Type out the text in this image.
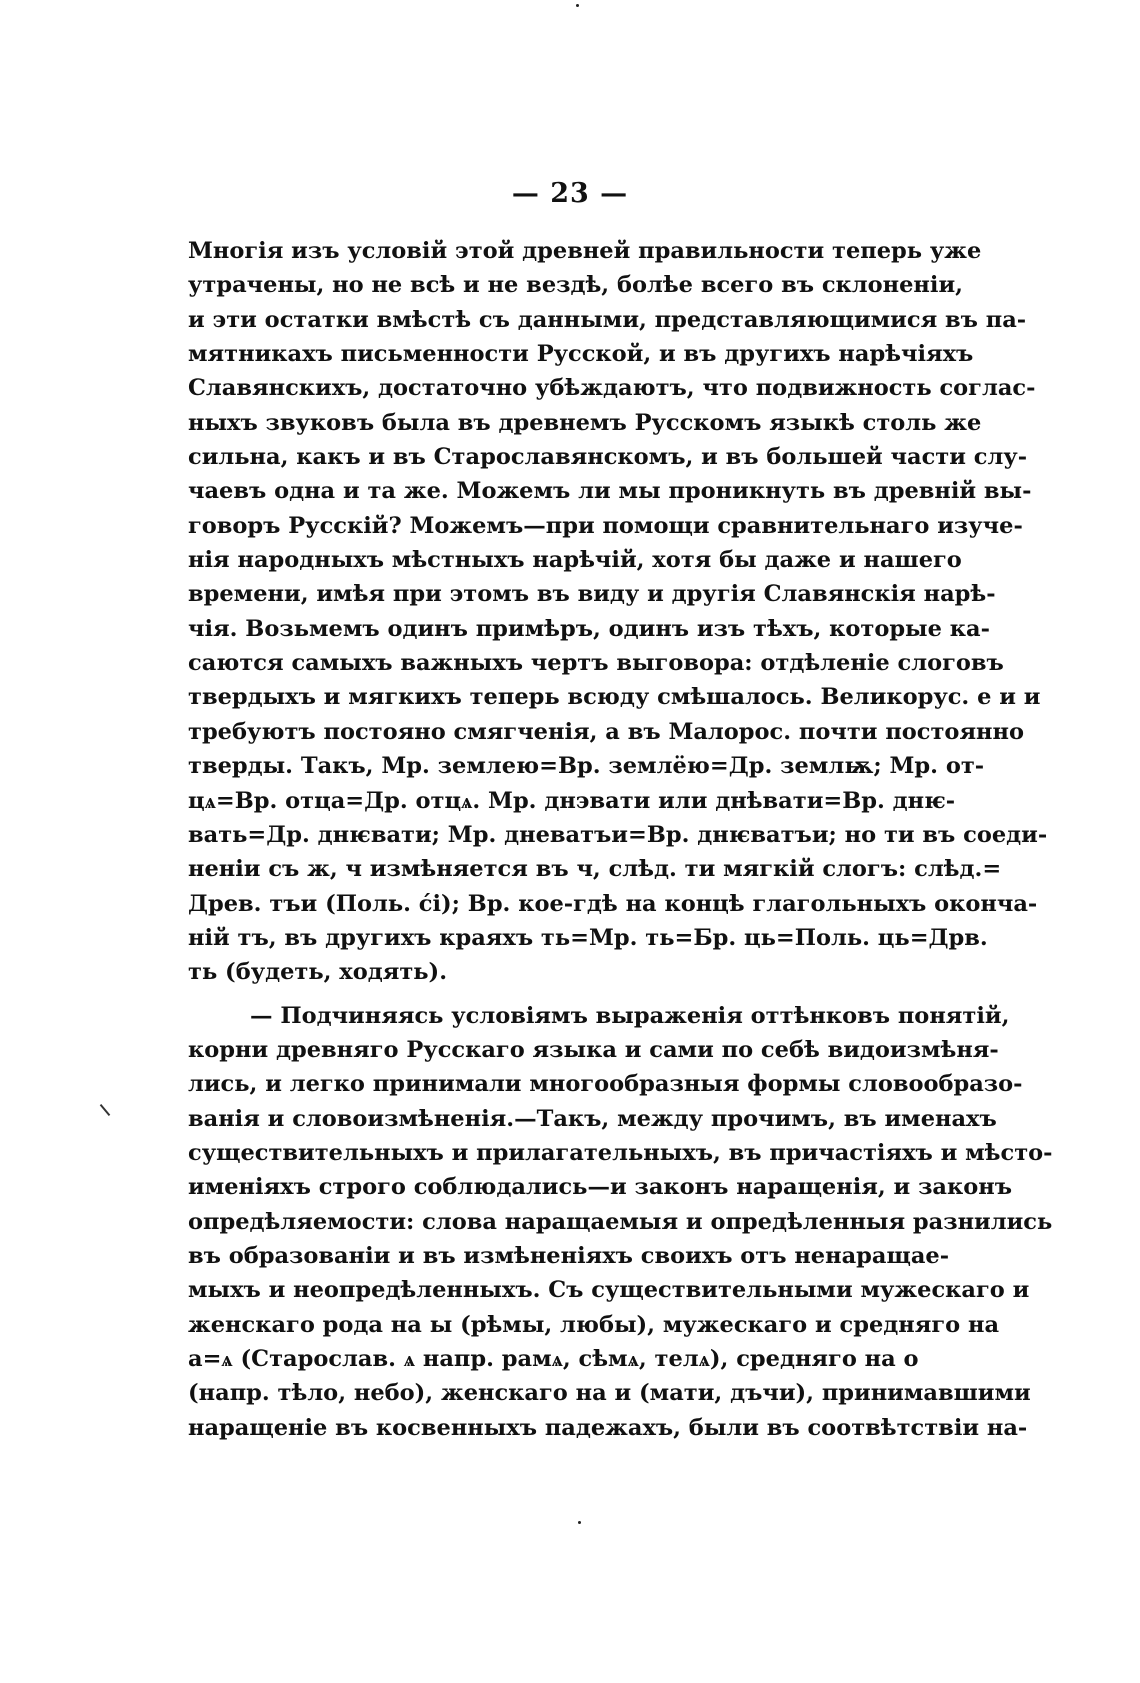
— 23 —
Многія изъ условій этой древней правильности теперь уже
утрачены, но не всѣ и не вездѣ, болѣе всего въ склоненіи,
и эти остатки вмѣстѣ съ данными, представляющимися въ па-
мятникахъ письменности Русской, и въ другихъ нарѣчіяхъ
Славянскихъ, достаточно убѣждаютъ, что подвижность соглас-
ныхъ звуковъ была въ древнемъ Русскомъ языкѣ столь же
сильна, какъ и въ Старославянскомъ, и въ большей части слу-
чаевъ одна и та же. Можемъ ли мы проникнуть въ древній вы-
говоръ Русскій? Можемъ—при помощи сравнительнаго изуче-
нія народныхъ мѣстныхъ нарѣчій, хотя бы даже и нашего
времени, имѣя при этомъ въ виду и другія Славянскія нарѣ-
чія. Возьмемъ одинъ примѣръ, одинъ изъ тѣхъ, которые ка-
саются самыхъ важныхъ чертъ выговора: отдѣленіе слоговъ
твердыхъ и мягкихъ теперь всюду смѣшалось. Великорус. е и и
требуютъ постояно смягченія, а въ Малорос. почти постоянно
тверды. Такъ, Мр. землею=Вр. землёю=Др. землѭ; Мр. от-
цѧ=Вр. отца=Др. отцѧ. Мр. днэвати или днѣвати=Вр. днѥ-
вать=Др. днѥвати; Мр. дневатъи=Вр. днѥватъи; но ти въ соеди-
неніи съ ж, ч измѣняется въ ч, слѣд. ти мягкій слогъ: слѣд.=
Древ. тъи (Поль. ći); Вр. кое-гдѣ на концѣ глагольныхъ оконча-
ній тъ, въ другихъ краяхъ ть=Мр. ть=Бр. ць=Поль. ць=Дрв.
ть (будеть, ходять).
— Подчиняясь условіямъ выраженія оттѣнковъ понятій,
корни древняго Русскаго языка и сами по себѣ видоизмѣня-
лись, и легко принимали многообразныя формы словообразо-
ванія и словоизмѣненія.—Такъ, между прочимъ, въ именахъ
существительныхъ и прилагательныхъ, въ причастіяхъ и мѣсто-
именіяхъ строго соблюдались—и законъ наращенія, и законъ
опредѣляемости: слова наращаемыя и опредѣленныя разнились
въ образованіи и въ измѣненіяхъ своихъ отъ ненаращае-
мыхъ и неопредѣленныхъ. Съ существительными мужескаго и
женскаго рода на ы (рѣмы, любы), мужескаго и средняго на
а=ѧ (Старослав. ѧ напр. рамѧ, сѣмѧ, телѧ), средняго на о
(напр. тѣло, небо), женскаго на и (мати, дъчи), принимавшими
наращеніе въ косвенныхъ падежахъ, были въ соотвѣтствіи на-
